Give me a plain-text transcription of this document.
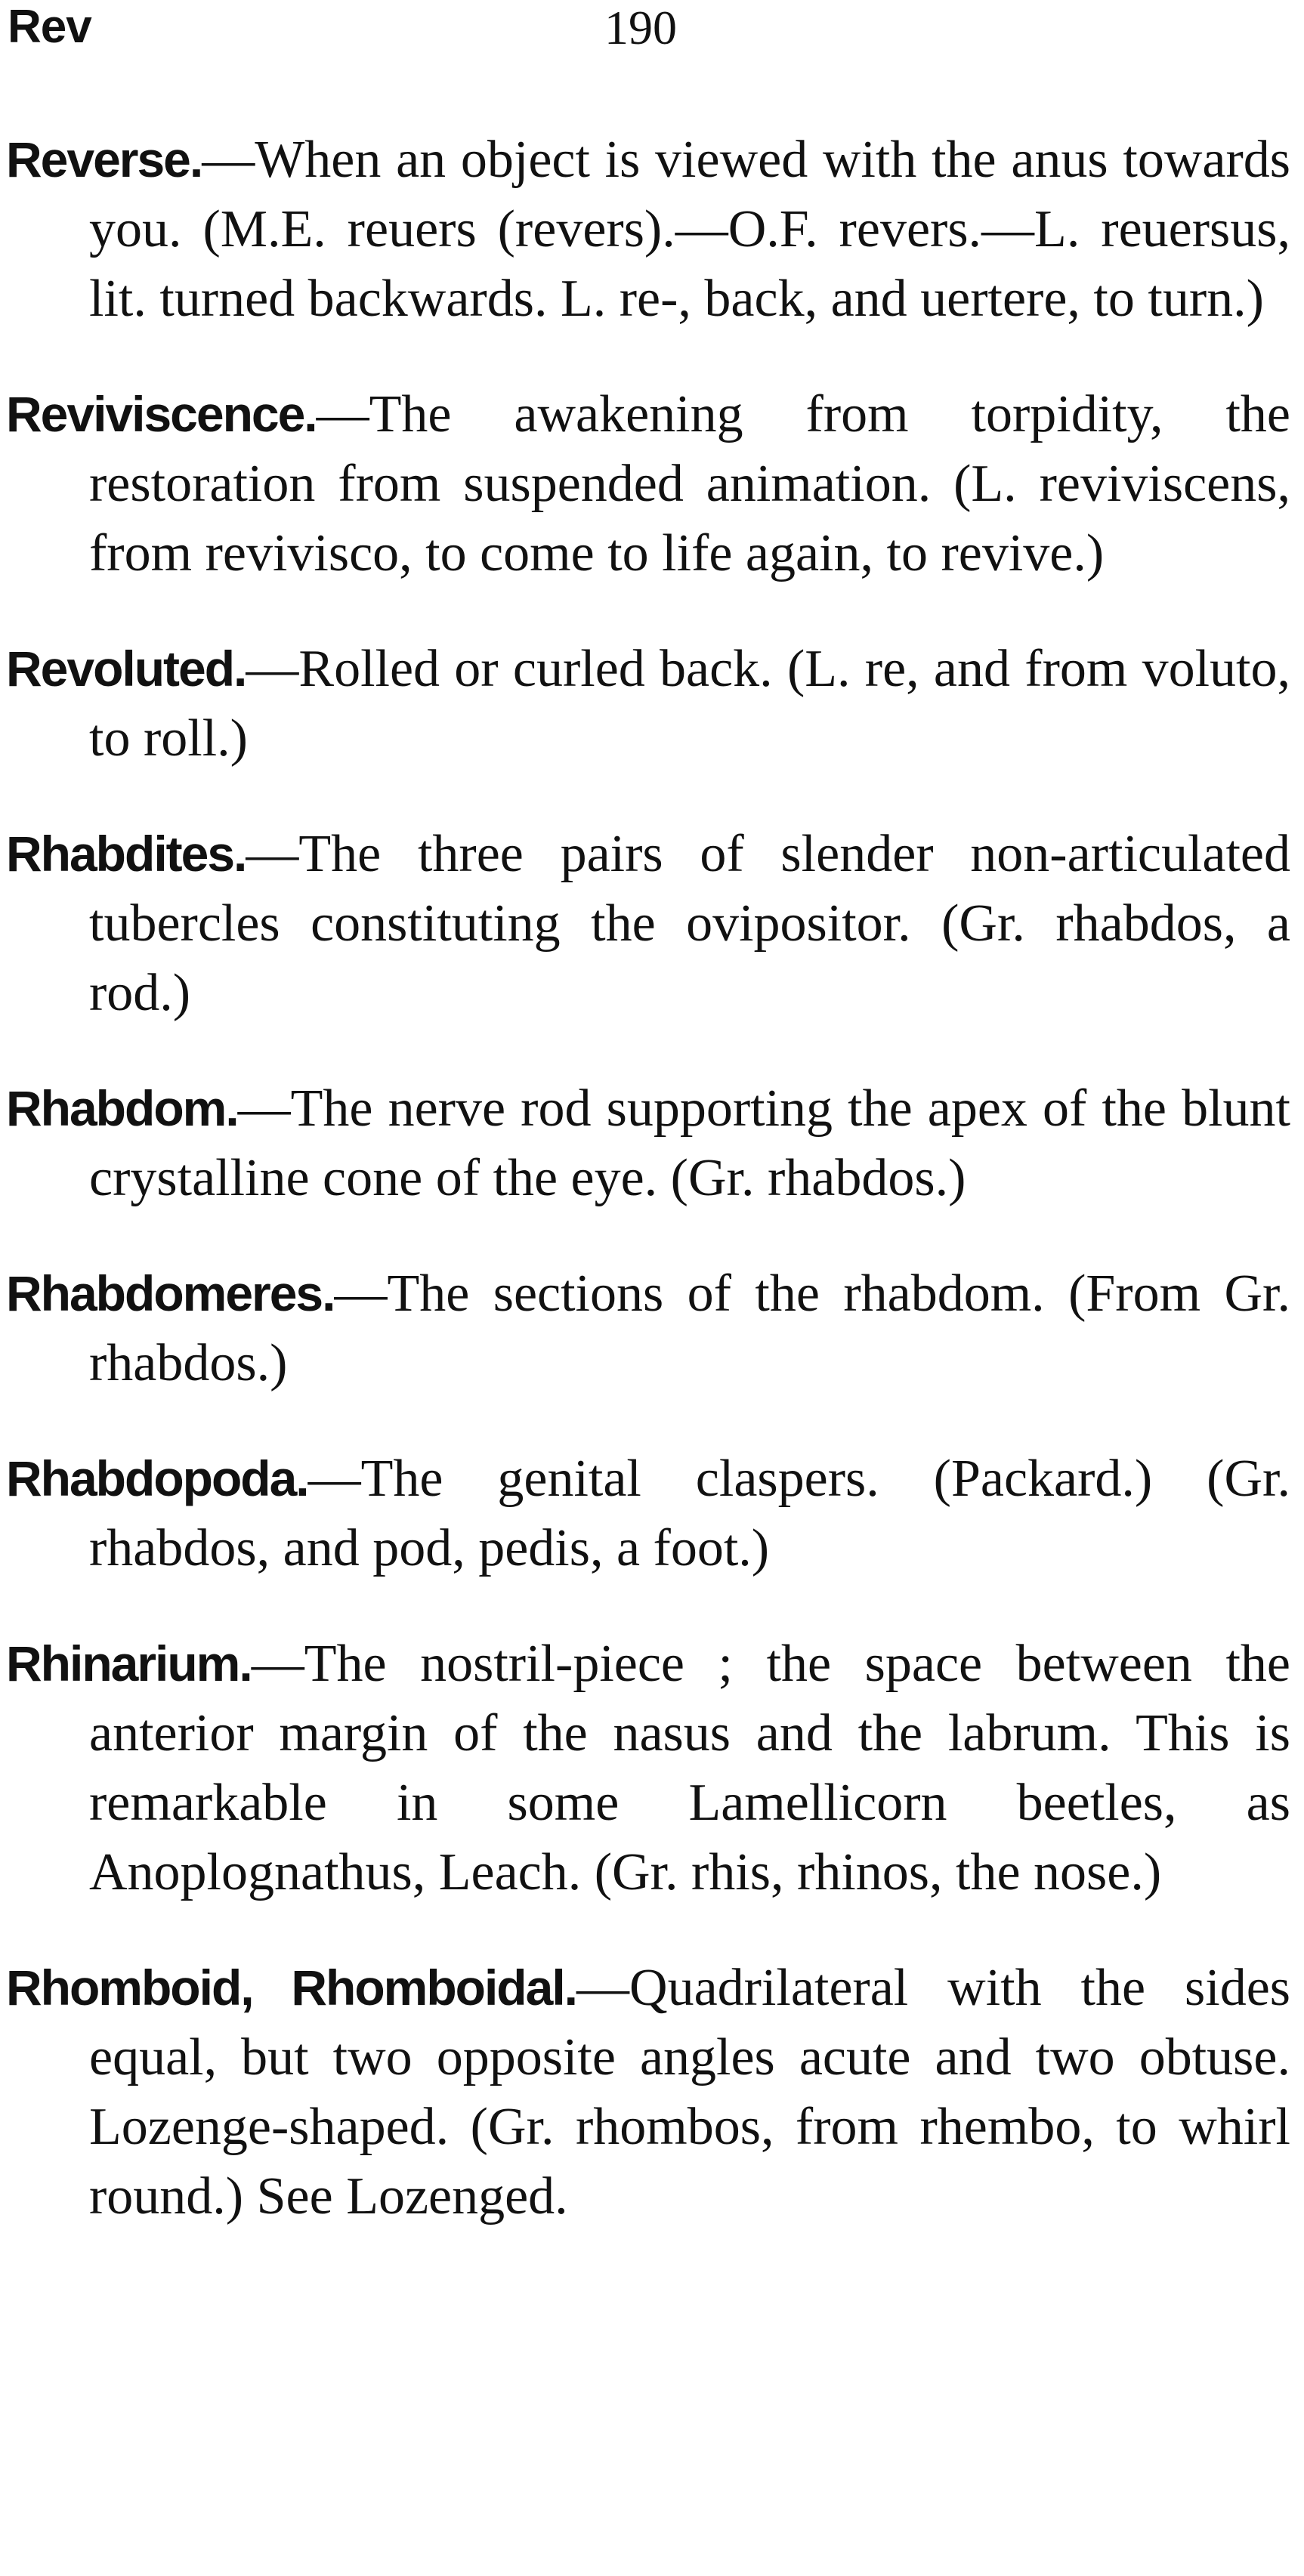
Rev	190

Reverse.—When an object is viewed with the anus towards you. (M.E. reuers (revers).—O.F. revers.—L. reuersus, lit. turned backwards. L. re-, back, and uertere, to turn.)

Reviviscence.—The awakening from torpidity, the restoration from suspended animation. (L. reviviscens, from revivisco, to come to life again, to revive.)

Revoluted.—Rolled or curled back. (L. re, and from voluto, to roll.)

Rhabdites.—The three pairs of slender non-articulated tubercles constituting the ovipositor. (Gr. rhabdos, a rod.)

Rhabdom.—The nerve rod supporting the apex of the blunt crystalline cone of the eye. (Gr. rhabdos.)

Rhabdomeres.—The sections of the rhabdom. (From Gr. rhabdos.)

Rhabdopoda.—The genital claspers. (Packard.) (Gr. rhabdos, and pod, pedis, a foot.)

Rhinarium.—The nostril-piece ; the space between the anterior margin of the nasus and the labrum. This is remarkable in some Lamellicorn beetles, as Anoplognathus, Leach. (Gr. rhis, rhinos, the nose.)

Rhomboid, Rhomboidal.—Quadrilateral with the sides equal, but two opposite angles acute and two obtuse. Lozenge-shaped. (Gr. rhombos, from rhembo, to whirl round.) See Lozenged.
